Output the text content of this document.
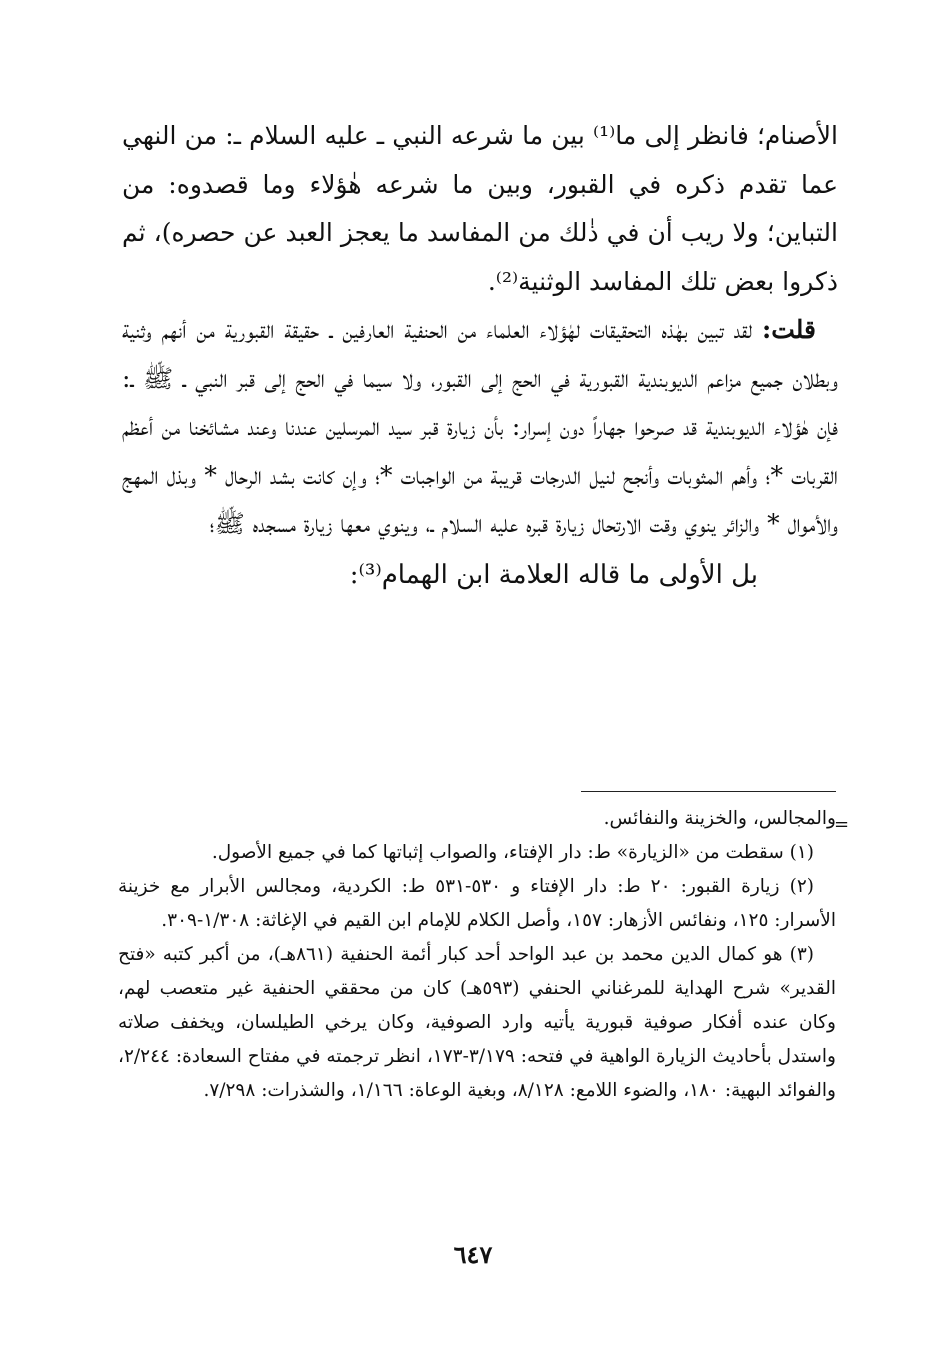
الأصنام؛ فانظر إلى ما⁽¹⁾ بين ما شرعه النبي ـ عليه السلام ـ: من النهي عما تقدم ذكره في القبور، وبين ما شرعه هٰؤلاء وما قصدوه: من التباين؛ ولا ريب أن في ذٰلك من المفاسد ما يعجز العبد عن حصره)، ثم ذكروا بعض تلك المفاسد الوثنية⁽²⁾.

قلت: لقد تبين بهٰذه التحقيقات لهٰؤلاء العلماء من الحنفية العارفين ـ حقيقة القبورية من أنهم وثنية وبطلان جميع مزاعم الديوبندية القبورية في الحج إلى القبور، ولا سيما في الحج إلى قبر النبي ـ ﷺ ـ: فإن هٰؤلاء الديوبندية قد صرحوا جهاراً دون إسرار: بأن زيارة قبر سيد المرسلين عندنا وعند مشائخنا من أعظم القربات *؛ وأهم المثوبات وأنجح لنيل الدرجات قريبة من الواجبات *؛ وإن كانت بشد الرحال * وبذل المهج والأموال * والزائر ينوي وقت الارتحال زيارة قبره عليه السلام ـ، وينوي معها زيارة مسجده ﷺ؛

بل الأولى ما قاله العلامة ابن الهمام⁽³⁾:

=

والمجالس، والخزينة والنفائس.

(١) سقطت من «الزيارة» ط: دار الإفتاء، والصواب إثباتها كما في جميع الأصول.

(٢) زيارة القبور: ٢٠ ط: دار الإفتاء و ٥٣٠-٥٣١ ط: الكردية، ومجالس الأبرار مع خزينة الأسرار: ١٢٥، ونفائس الأزهار: ١٥٧، وأصل الكلام للإمام ابن القيم في الإغاثة: ١/٣٠٨-٣٠٩.

(٣) هو كمال الدين محمد بن عبد الواحد أحد كبار أئمة الحنفية (٨٦١هـ)، من أكبر كتبه «فتح القدير» شرح الهداية للمرغناني الحنفي (٥٩٣هـ) كان من محققي الحنفية غير متعصب لهم، وكان عنده أفكار صوفية قبورية يأتيه وارد الصوفية، وكان يرخي الطيلسان، ويخفف صلاته واستدل بأحاديث الزيارة الواهية في فتحه: ٣/١٧٩-١٧٣، انظر ترجمته في مفتاح السعادة: ٢/٢٤٤، والفوائد البهية: ١٨٠، والضوء اللامع: ٨/١٢٨، وبغية الوعاة: ١/١٦٦، والشذرات: ٧/٢٩٨.

٦٤٧
